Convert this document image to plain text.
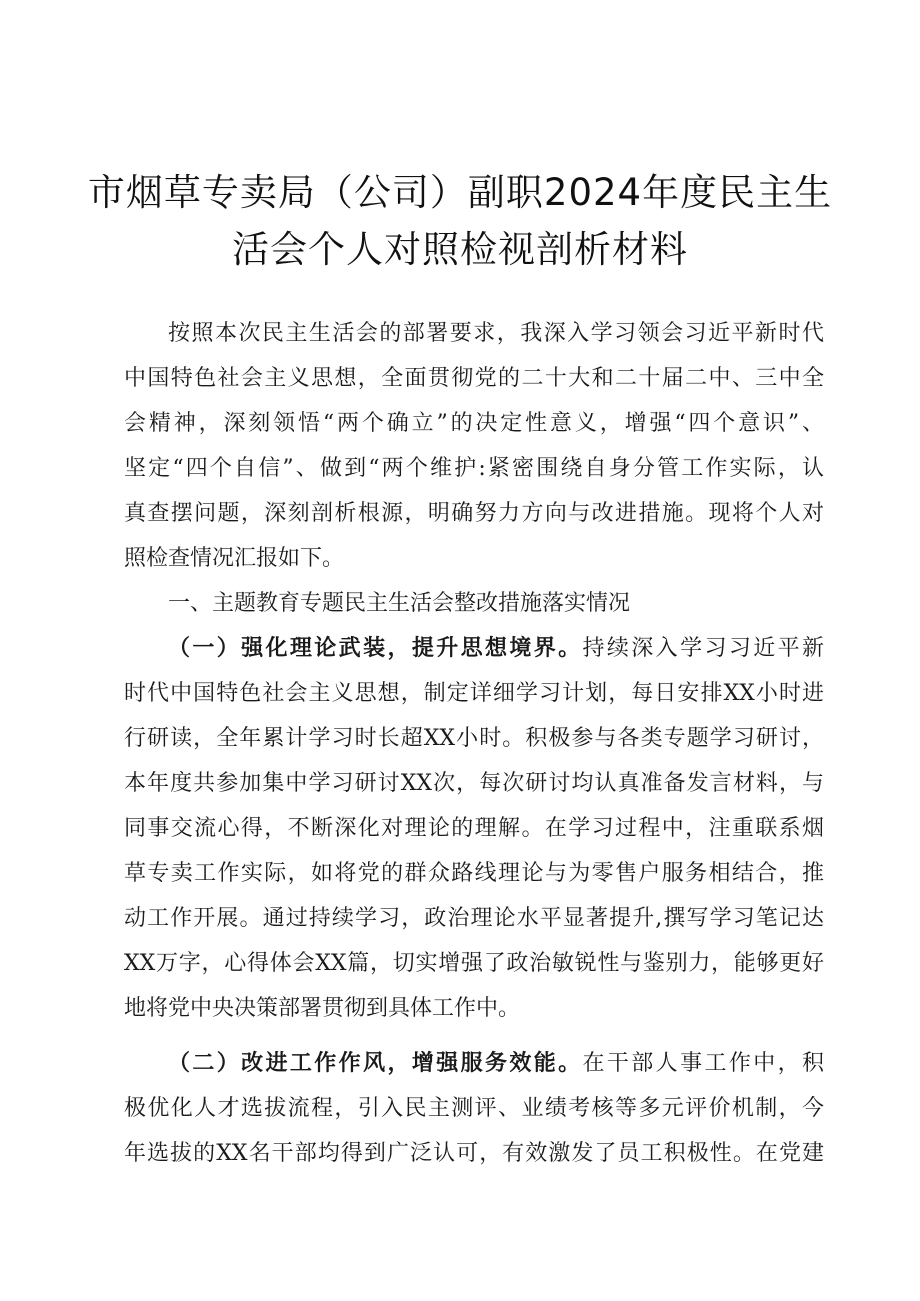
市烟草专卖局（公司）副职2024年度民主生
活会个人对照检视剖析材料
按照本次民主生活会的部署要求，我深入学习领会习近平新时代
中国特色社会主义思想，全面贯彻党的二十大和二十届二中、三中全
会精神，深刻领悟“两个确立”的决定性意义，增强“四个意识”、
坚定“四个自信”、做到“两个维护:紧密围绕自身分管工作实际，认
真查摆问题，深刻剖析根源，明确努力方向与改进措施。现将个人对
照检查情况汇报如下。
一、主题教育专题民主生活会整改措施落实情况
（一）强化理论武装，提升思想境界。持续深入学习习近平新
时代中国特色社会主义思想，制定详细学习计划，每日安排XX小时进
行研读，全年累计学习时长超XX小时。积极参与各类专题学习研讨，
本年度共参加集中学习研讨XX次，每次研讨均认真准备发言材料，与
同事交流心得，不断深化对理论的理解。在学习过程中，注重联系烟
草专卖工作实际，如将党的群众路线理论与为零售户服务相结合，推
动工作开展。通过持续学习，政治理论水平显著提升,撰写学习笔记达
XX万字，心得体会XX篇，切实增强了政治敏锐性与鉴别力，能够更好
地将党中央决策部署贯彻到具体工作中。
（二）改进工作作风，增强服务效能。在干部人事工作中，积
极优化人才选拔流程，引入民主测评、业绩考核等多元评价机制，今
年选拔的XX名干部均得到广泛认可，有效激发了员工积极性。在党建
